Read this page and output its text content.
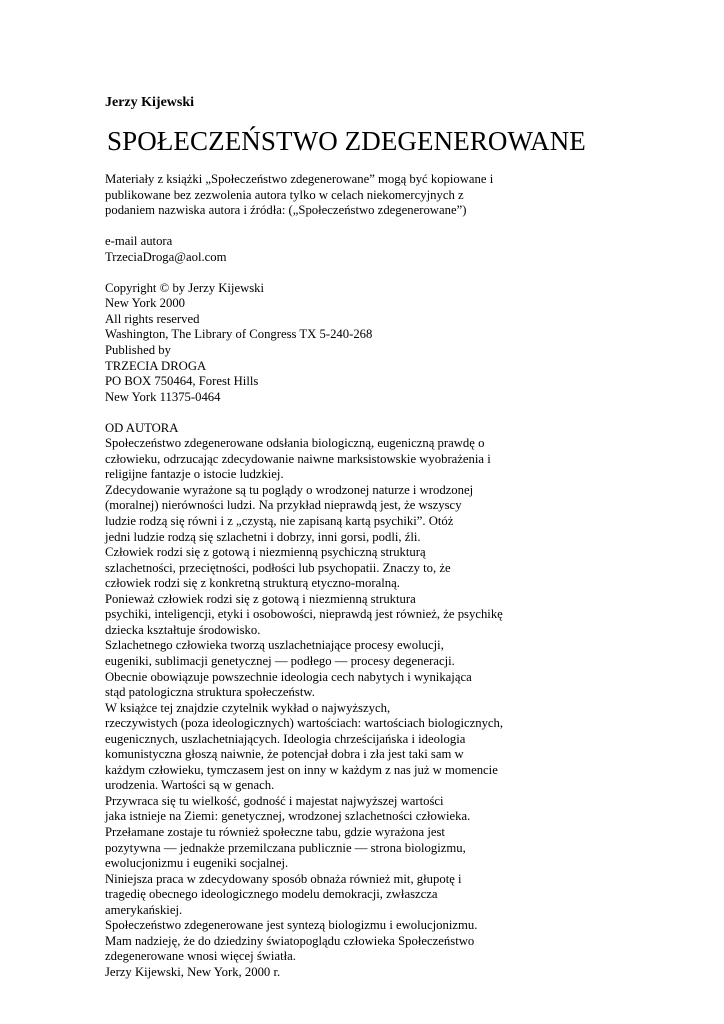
Jerzy Kijewski

SPOŁECZEŃSTWO ZDEGENEROWANE
Materiały z książki „Społeczeństwo zdegenerowane” mogą być kopiowane i
publikowane bez zezwolenia autora tylko w celach niekomercyjnych z
podaniem nazwiska autora i źródła: („Społeczeństwo zdegenerowane”)
e-mail autora
TrzeciaDroga@aol.com
Copyright © by Jerzy Kijewski
New York 2000
All rights reserved
Washington, The Library of Congress TX 5-240-268
Published by
TRZECIA DROGA
PO BOX 750464, Forest Hills
New York 11375-0464
OD AUTORA
Społeczeństwo zdegenerowane odsłania biologiczną, eugeniczną prawdę o
człowieku, odrzucając zdecydowanie naiwne marksistowskie wyobrażenia i
religijne fantazje o istocie ludzkiej.
Zdecydowanie wyrażone są tu poglądy o wrodzonej naturze i wrodzonej
(moralnej) nierówności ludzi. Na przykład nieprawdą jest, że wszyscy
ludzie rodzą się równi i z „czystą, nie zapisaną kartą psychiki”. Otóż
jedni ludzie rodzą się szlachetni i dobrzy, inni gorsi, podli, źli.
Człowiek rodzi się z gotową i niezmienną psychiczną strukturą
szlachetności, przeciętności, podłości lub psychopatii. Znaczy to, że
człowiek rodzi się z konkretną strukturą etyczno-moralną.
Ponieważ człowiek rodzi się z gotową i niezmienną struktura
psychiki, inteligencji, etyki i osobowości, nieprawdą jest również, że psychikę
dziecka kształtuje środowisko.
Szlachetnego człowieka tworzą uszlachetniające procesy ewolucji,
eugeniki, sublimacji genetycznej — podłego — procesy degeneracji.
Obecnie obowiązuje powszechnie ideologia cech nabytych i wynikająca
stąd patologiczna struktura społeczeństw.
W książce tej znajdzie czytelnik wykład o najwyższych,
rzeczywistych (poza ideologicznych) wartościach: wartościach biologicznych,
eugenicznych, uszlachetniających. Ideologia chrześcijańska i ideologia
komunistyczna głoszą naiwnie, że potencjał dobra i zła jest taki sam w
każdym człowieku, tymczasem jest on inny w każdym z nas już w momencie
urodzenia. Wartości są w genach.
Przywraca się tu wielkość, godność i majestat najwyższej wartości
jaka istnieje na Ziemi: genetycznej, wrodzonej szlachetności człowieka.
Przełamane zostaje tu również społeczne tabu, gdzie wyrażona jest
pozytywna — jednakże przemilczana publicznie — strona biologizmu,
ewolucjonizmu i eugeniki socjalnej.
Niniejsza praca w zdecydowany sposób obnaża również mit, głupotę i
tragedię obecnego ideologicznego modelu demokracji, zwłaszcza
amerykańskiej.
Społeczeństwo zdegenerowane jest syntezą biologizmu i ewolucjonizmu.
Mam nadzieję, że do dziedziny światopoglądu człowieka Społeczeństwo
zdegenerowane wnosi więcej światła.
Jerzy Kijewski, New York, 2000 r.
